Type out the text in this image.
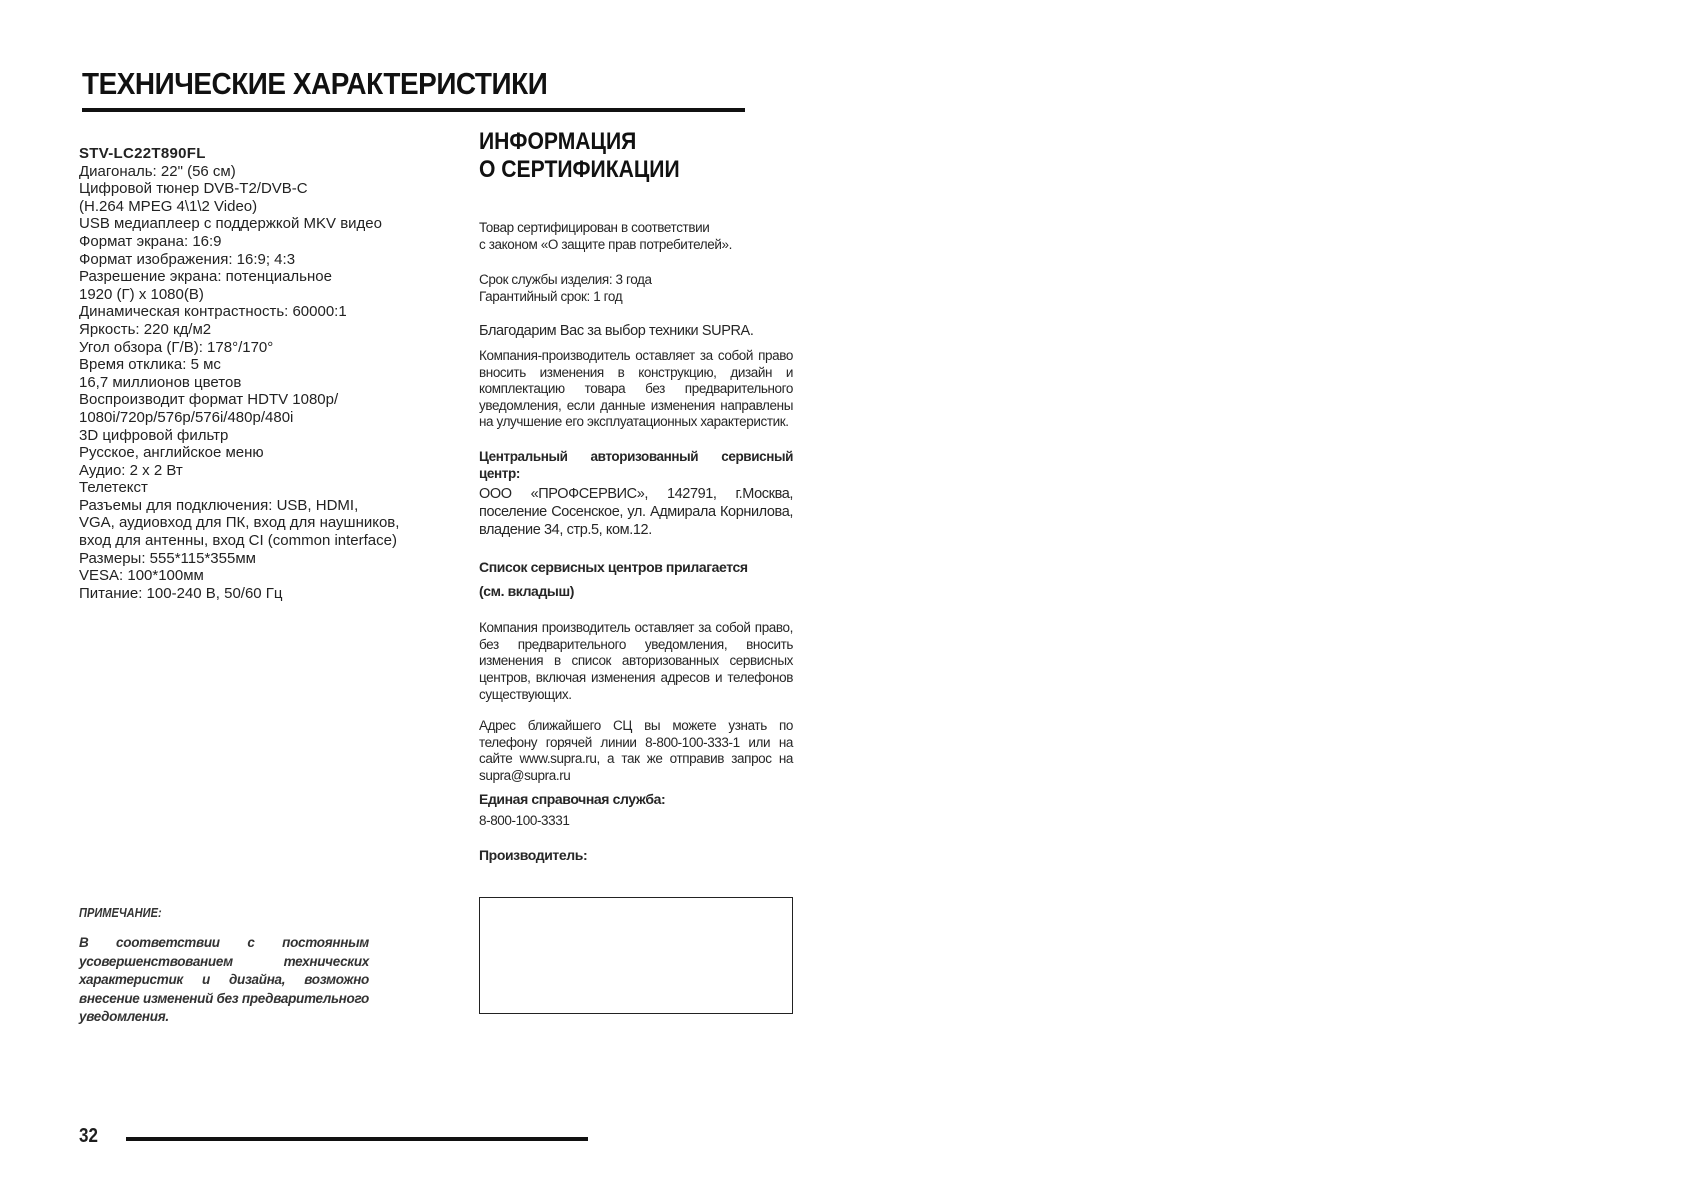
ТЕХНИЧЕСКИЕ ХАРАКТЕРИСТИКИ
STV-LC22T890FL
Диагональ: 22" (56 см)
Цифровой тюнер DVB-T2/DVB-C
(H.264 MPEG 4\1\2 Video)
USB медиаплеер с поддержкой MKV видео
Формат экрана: 16:9
Формат изображения: 16:9; 4:3
Разрешение экрана: потенциальное
1920 (Г) x 1080(В)
Динамическая контрастность: 60000:1
Яркость: 220 кд/м2
Угол обзора (Г/В): 178°/170°
Время отклика: 5 мс
16,7 миллионов цветов
Воспроизводит формат HDTV 1080p/
1080i/720p/576p/576i/480p/480i
3D цифровой фильтр
Русское, английское меню
Аудио: 2 х 2 Вт
Телетекст
Разъемы для подключения: USB, HDMI,
VGA, аудиовход для ПК, вход для наушников,
вход для антенны, вход CI (common interface)
Размеры: 555*115*355мм
VESA: 100*100мм
Питание: 100-240 В, 50/60 Гц
ПРИМЕЧАНИЕ:
В соответствии с постоянным усовершенствованием технических характеристик и дизайна, возможно внесение изменений без предварительного уведомления.
32
ИНФОРМАЦИЯ
О СЕРТИФИКАЦИИ
Товар сертифицирован в соответствии
с законом «О защите прав потребителей».
Срок службы изделия: 3 года
Гарантийный срок: 1 год
Благодарим Вас за выбор техники SUPRA.
Компания-производитель оставляет за собой право вносить изменения в конструкцию, дизайн и комплектацию товара без предварительного уведомления, если данные изменения направлены на улучшение его эксплуатационных характеристик.
Центральный авторизованный сервисный центр:
ООО «ПРОФСЕРВИС», 142791, г.Москва, поселение Сосенское, ул. Адмирала Корнилова, владение 34, стр.5, ком.12.
Список сервисных центров прилагается
(см. вкладыш)
Компания производитель оставляет за собой право, без предварительного уведомления, вносить изменения в список авторизованных сервисных центров, включая изменения адресов и телефонов существующих.
Адрес ближайшего СЦ вы можете узнать по телефону горячей линии 8-800-100-333-1 или на сайте www.supra.ru, а так же отправив запрос на supra@supra.ru
Единая справочная служба:
8-800-100-3331
Производитель:
